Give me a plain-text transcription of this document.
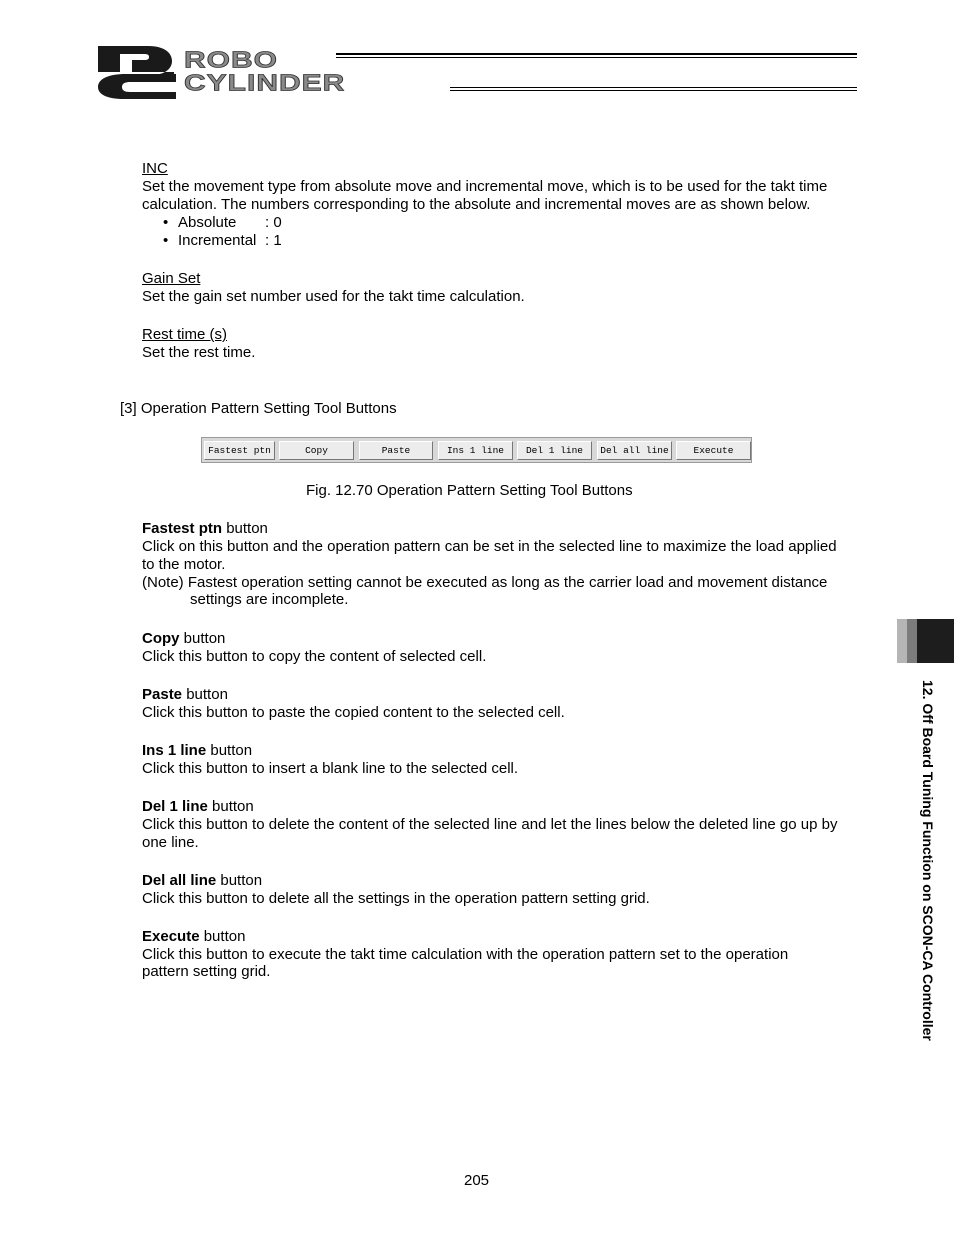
ROBO
CYLINDER
INC
Set the movement type from absolute move and incremental move, which is to be used for the takt time
calculation. The numbers corresponding to the absolute and incremental moves are as shown below.
• Absolute : 0
• Incremental : 1
Gain Set
Set the gain set number used for the takt time calculation.
Rest time (s)
Set the rest time.
[3] Operation Pattern Setting Tool Buttons
Fastest ptn	Copy	Paste	Ins 1 line	Del 1 line	Del all line	Execute
Fig. 12.70 Operation Pattern Setting Tool Buttons
Fastest ptn button
Click on this button and the operation pattern can be set in the selected line to maximize the load applied
to the motor.
(Note) Fastest operation setting cannot be executed as long as the carrier load and movement distance
settings are incomplete.
Copy button
Click this button to copy the content of selected cell.
Paste button
Click this button to paste the copied content to the selected cell.
Ins 1 line button
Click this button to insert a blank line to the selected cell.
Del 1 line button
Click this button to delete the content of the selected line and let the lines below the deleted line go up by
one line.
Del all line button
Click this button to delete all the settings in the operation pattern setting grid.
Execute button
Click this button to execute the takt time calculation with the operation pattern set to the operation
pattern setting grid.	12. Off Board Tuning Function on SCON-CA Controller
205
